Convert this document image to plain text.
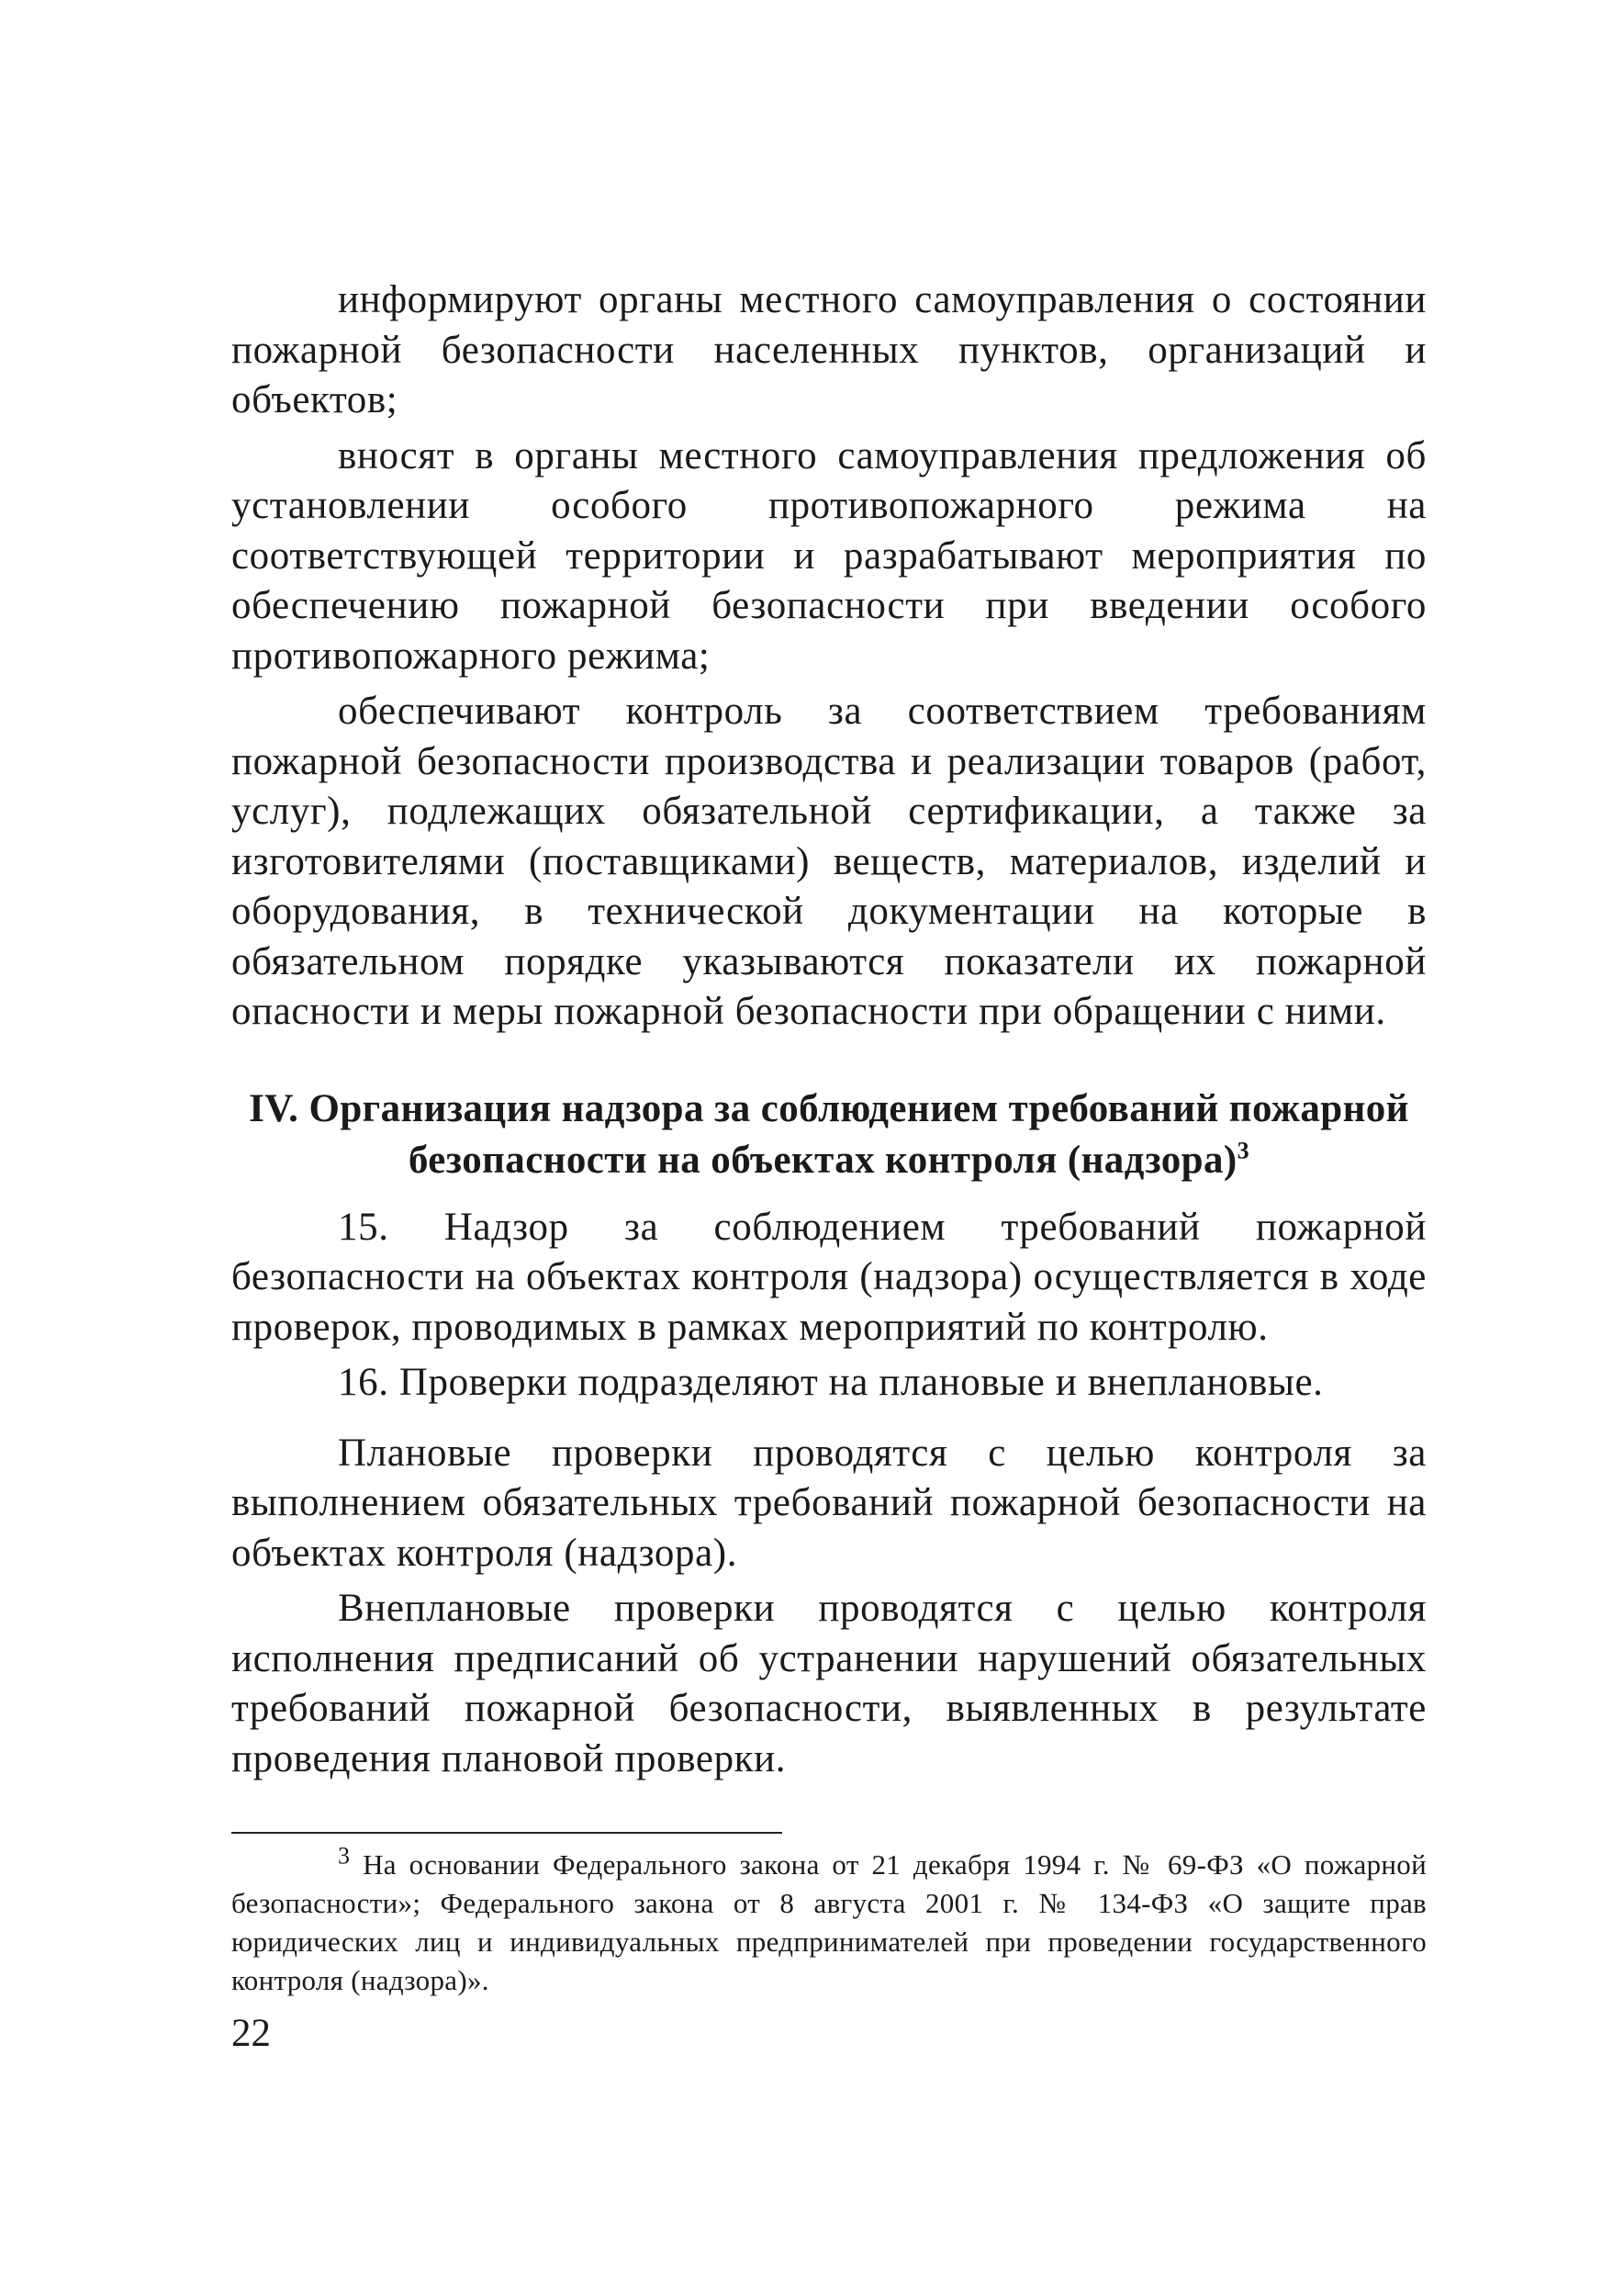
информируют органы местного самоуправления о состоянии пожарной безопасности населенных пунктов, организаций и объектов;

вносят в органы местного самоуправления предложения об установлении особого противопожарного режима на соответствующей территории и разрабатывают мероприятия по обеспечению пожарной безопасности при введении особого противопожарного режима;

обеспечивают контроль за соответствием требованиям пожарной безопасности производства и реализации товаров (работ, услуг), подлежащих обязательной сертификации, а также за изготовителями (поставщиками) веществ, материалов, изделий и оборудования, в технической документации на которые в обязательном порядке указываются показатели их пожарной опасности и меры пожарной безопасности при обращении с ними.

IV. Организация надзора за соблюдением требований пожарной безопасности на объектах контроля (надзора)$^3$

15. Надзор за соблюдением требований пожарной безопасности на объектах контроля (надзора) осуществляется в ходе проверок, проводимых в рамках мероприятий по контролю.

16. Проверки подразделяют на плановые и внеплановые.

Плановые проверки проводятся с целью контроля за выполнением обязательных требований пожарной безопасности на объектах контроля (надзора).

Внеплановые проверки проводятся с целью контроля исполнения предписаний об устранении нарушений обязательных требований пожарной безопасности, выявленных в результате проведения плановой проверки.

$^3$ На основании Федерального закона от 21 декабря 1994 г. № 69-ФЗ «О пожарной безопасности»; Федерального закона от 8 августа 2001 г. № 134-ФЗ «О защите прав юридических лиц и индивидуальных предпринимателей при проведении государственного контроля (надзора)».

22
